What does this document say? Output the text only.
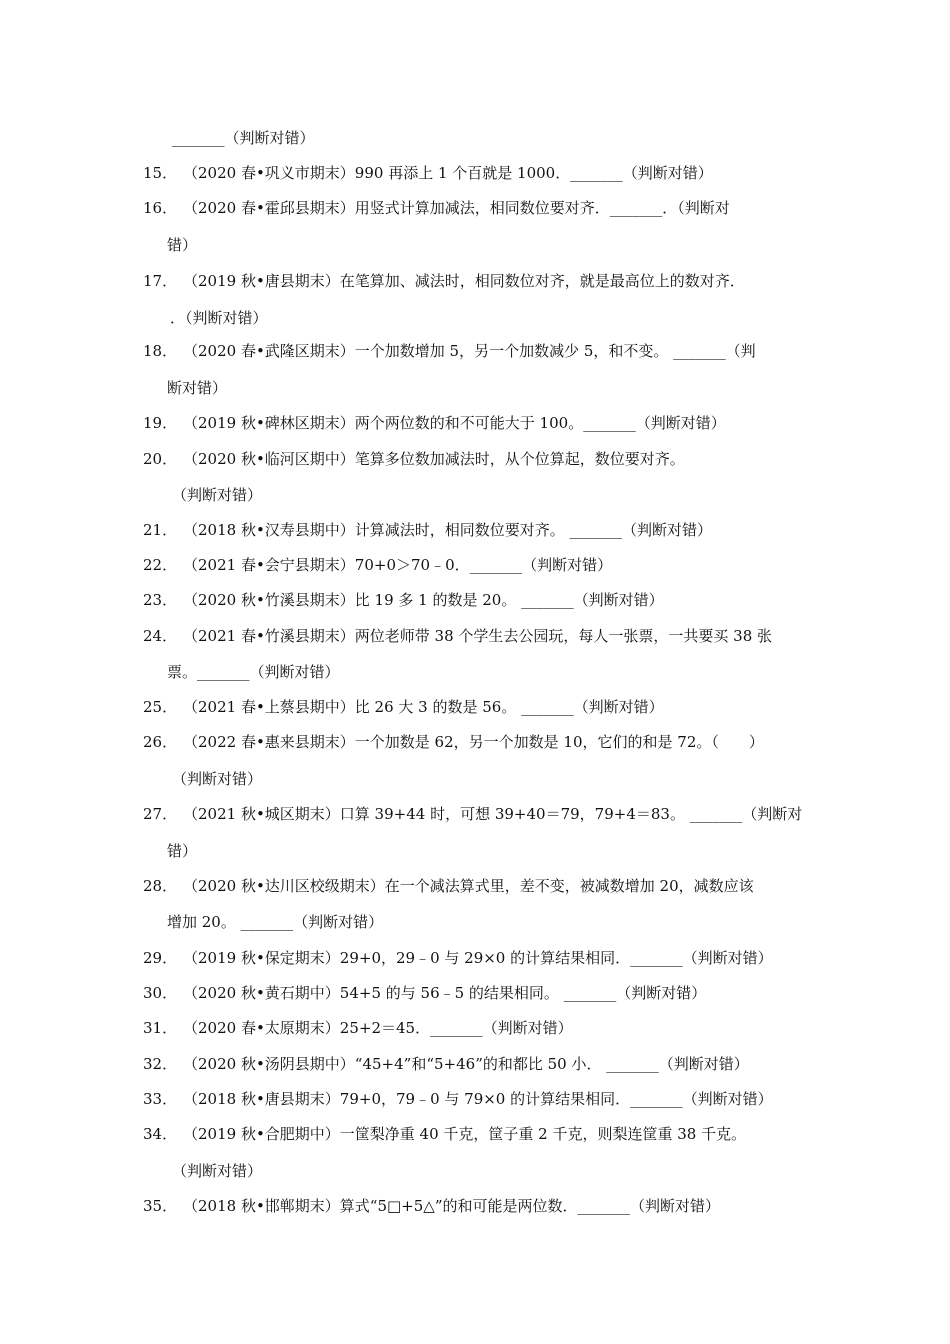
_______（判断对错）
15． （2020 春•巩义市期末）990 再添上 1 个百就是 1000．_______（判断对错）
16． （2020 春•霍邱县期末）用竖式计算加减法，相同数位要对齐．_______．（判断对
错）
17． （2019 秋•唐县期末）在笔算加、减法时，相同数位对齐，就是最高位上的数对齐．
．（判断对错）
18． （2020 春•武隆区期末）一个加数增加 5，另一个加数减少 5，和不变。 _______（判
断对错）
19． （2019 秋•碑林区期末）两个两位数的和不可能大于 100。_______（判断对错）
20． （2020 秋•临河区期中）笔算多位数加减法时，从个位算起，数位要对齐。
（判断对错）
21． （2018 秋•汉寿县期中）计算减法时，相同数位要对齐。 _______（判断对错）
22． （2021 春•会宁县期末）70+0＞70﹣0．_______（判断对错）
23． （2020 秋•竹溪县期末）比 19 多 1 的数是 20。 _______（判断对错）
24． （2021 春•竹溪县期末）两位老师带 38 个学生去公园玩，每人一张票，一共要买 38 张
票。_______（判断对错）
25． （2021 春•上蔡县期中）比 26 大 3 的数是 56。 _______（判断对错）
26． （2022 春•惠来县期末）一个加数是 62，另一个加数是 10，它们的和是 72。（　　）
（判断对错）
27． （2021 秋•城区期末）口算 39+44 时，可想 39+40＝79，79+4＝83。 _______（判断对
错）
28． （2020 秋•达川区校级期末）在一个减法算式里，差不变，被减数增加 20，减数应该
增加 20。 _______（判断对错）
29． （2019 秋•保定期末）29+0，29﹣0 与 29×0 的计算结果相同．_______（判断对错）
30． （2020 秋•黄石期中）54+5 的与 56﹣5 的结果相同。 _______（判断对错）
31． （2020 春•太原期末）25+2＝45．_______（判断对错）
32． （2020 秋•汤阴县期中）“45+4”和“5+46”的和都比 50 小． _______（判断对错）
33． （2018 秋•唐县期末）79+0，79﹣0 与 79×0 的计算结果相同．_______（判断对错）
34． （2019 秋•合肥期中）一筐梨净重 40 千克，筐子重 2 千克，则梨连筐重 38 千克。
（判断对错）
35． （2018 秋•邯郸期末）算式“5□+5△”的和可能是两位数．_______（判断对错）
